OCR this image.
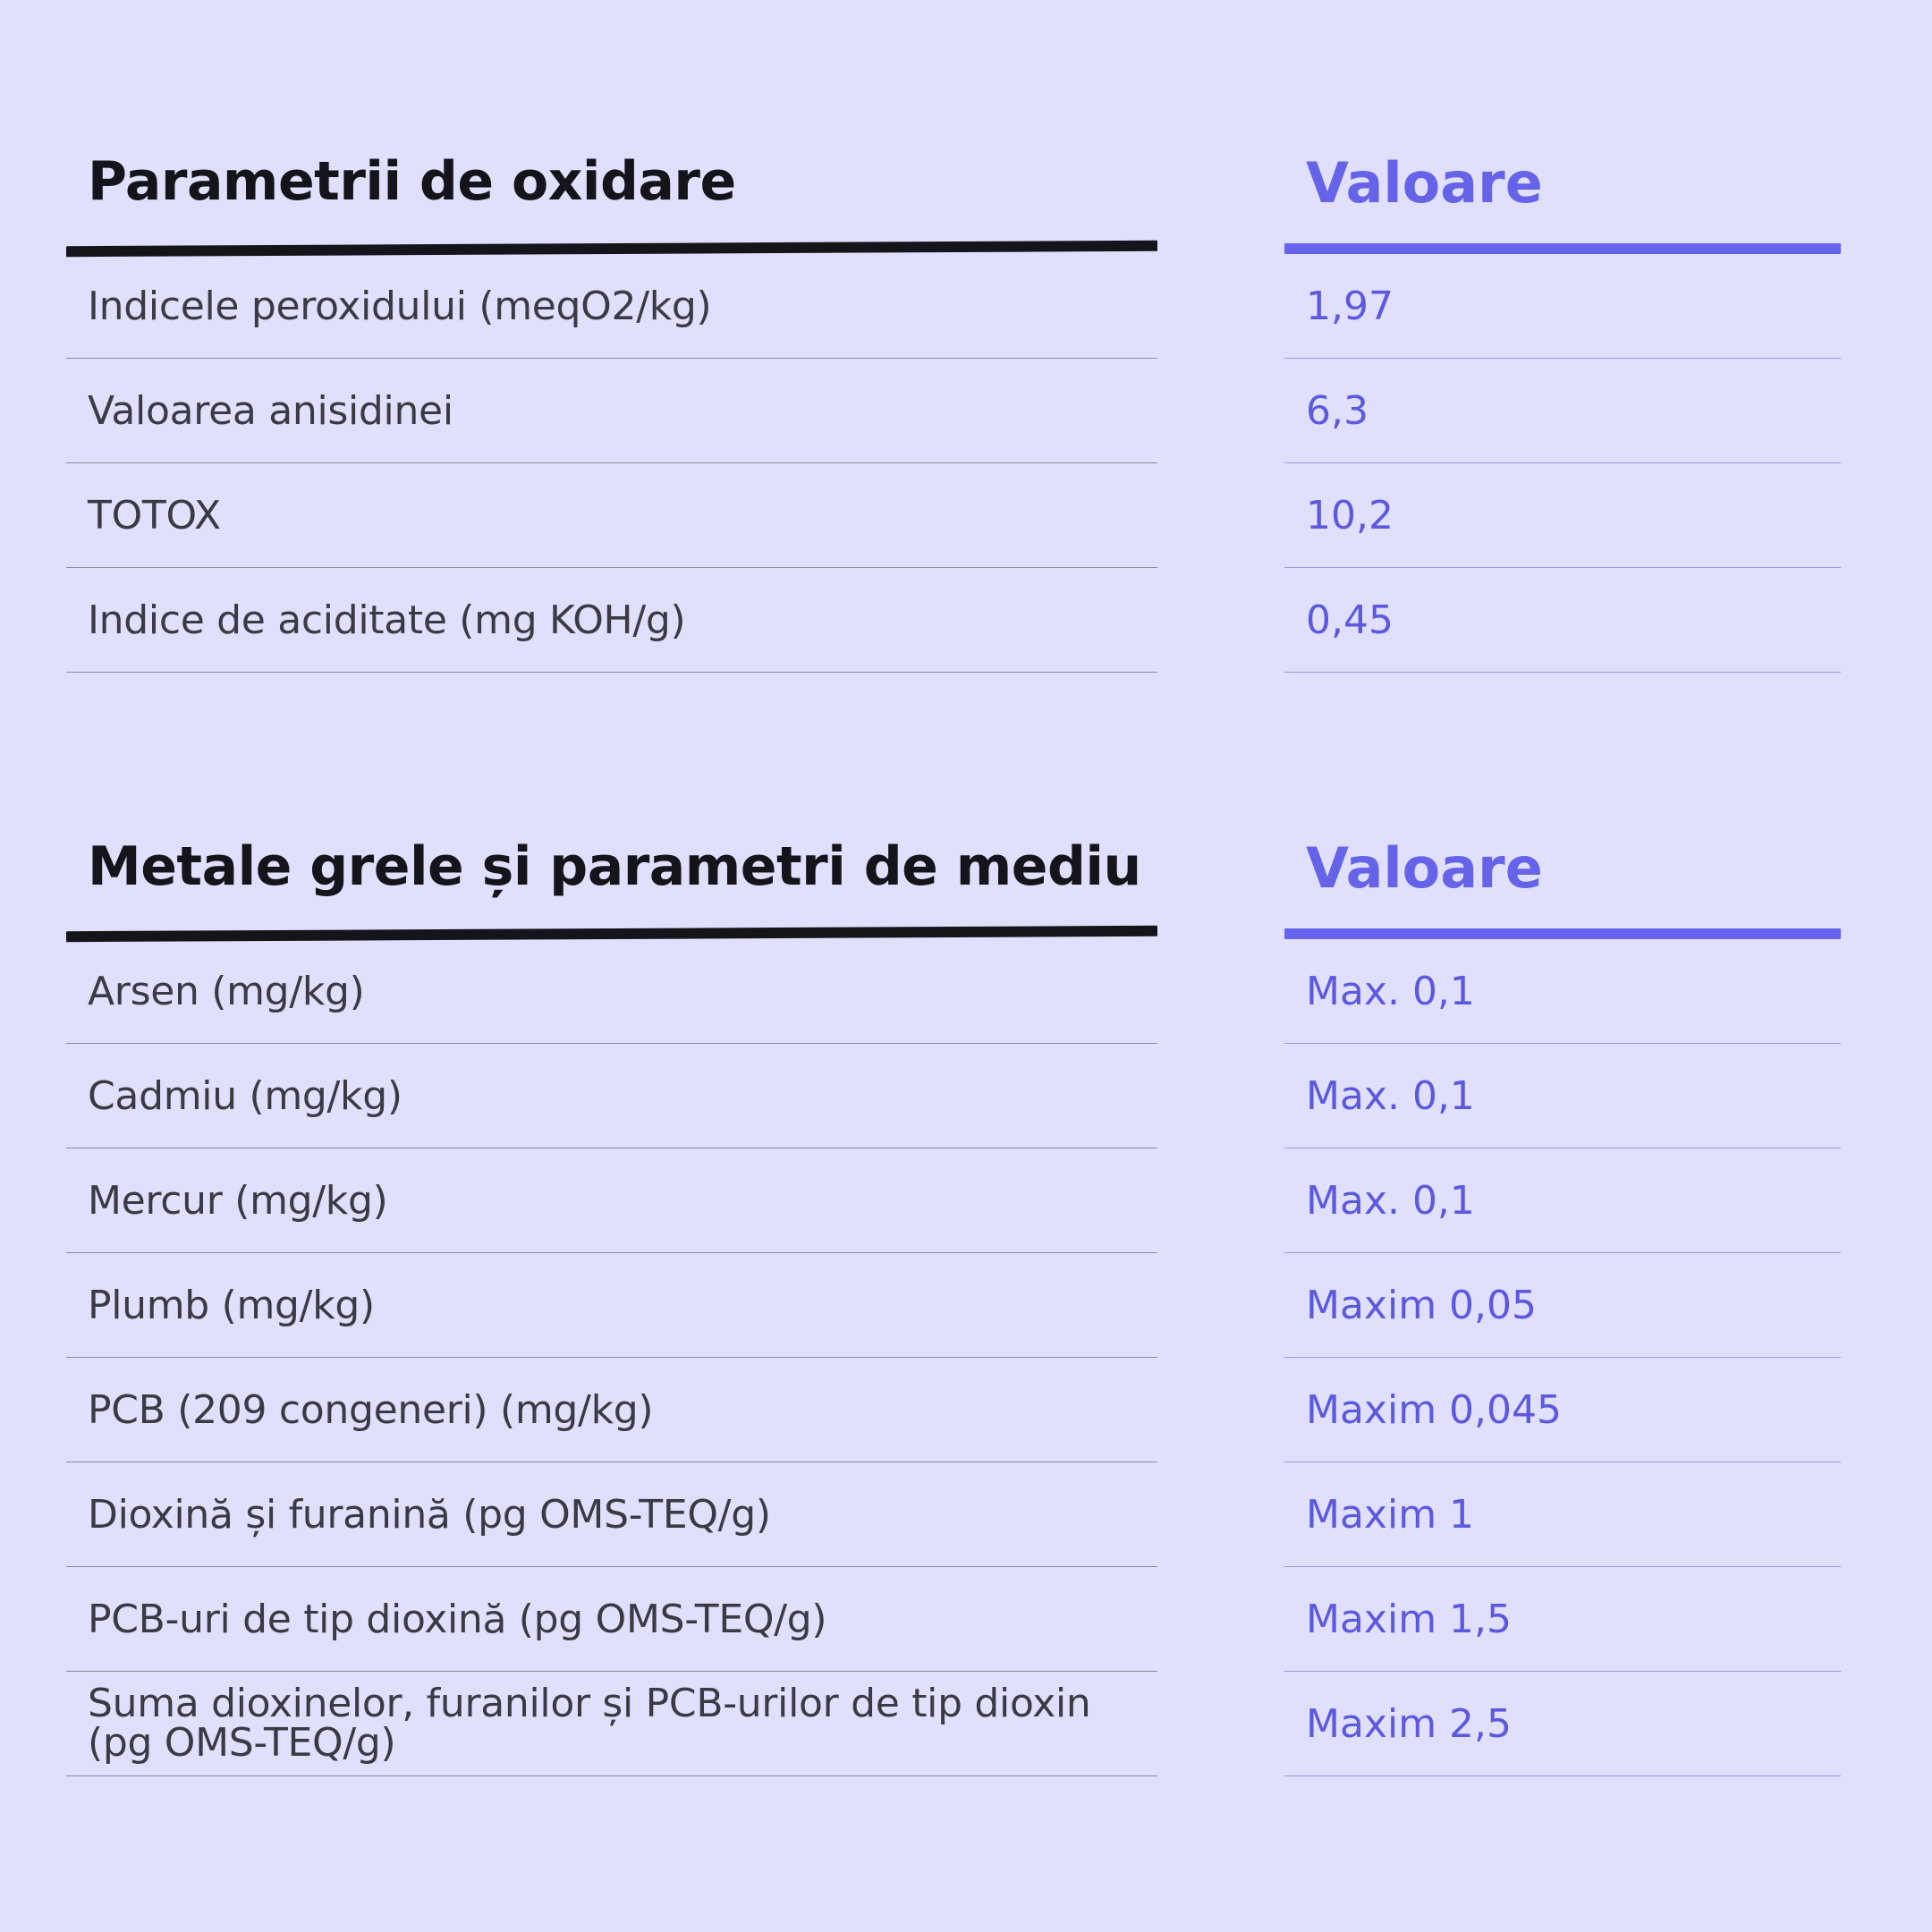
Parametrii de oxidare
Indicele peroxidului (meqO2/kg)
Valoarea anisidinei
TOTOX
Indice de aciditate (mg KOH/g)
Valoare
1,97
6,3
10,2
0,45
Metale grele și parametri de mediu
Arsen (mg/kg)
Cadmiu (mg/kg)
Mercur (mg/kg)
Plumb (mg/kg)
PCB (209 congeneri) (mg/kg)
Dioxină și furanină (pg OMS-TEQ/g)
PCB-uri de tip dioxină (pg OMS-TEQ/g)
Suma dioxinelor, furanilor și PCB-urilor de tip dioxin (pg OMS-TEQ/g)
Valoare
Max. 0,1
Max. 0,1
Max. 0,1
Maxim 0,05
Maxim 0,045
Maxim 1
Maxim 1,5
Maxim 2,5
